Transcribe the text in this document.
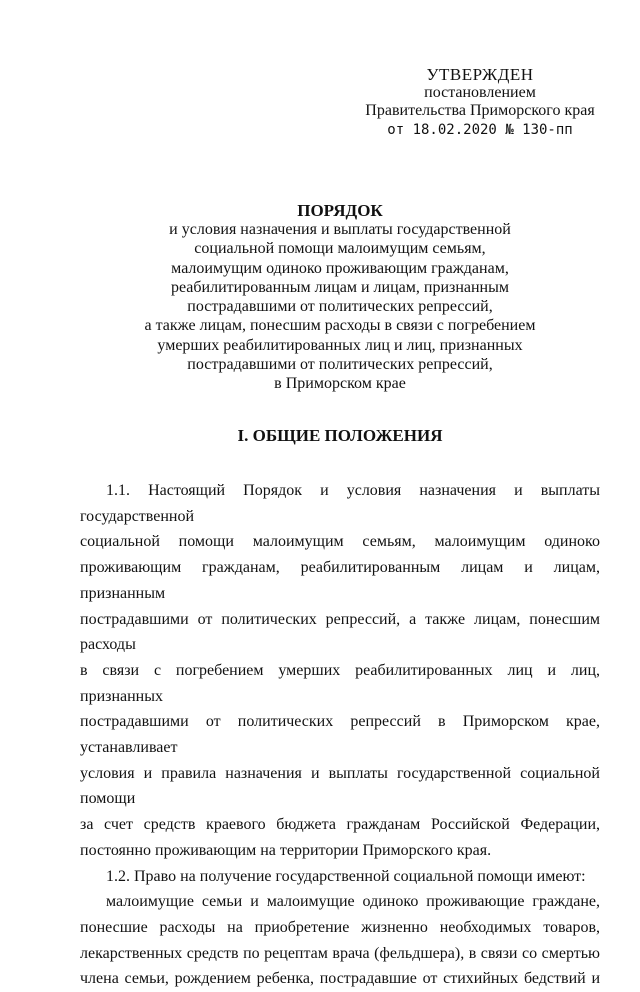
УТВЕРЖДЕН
постановлением
Правительства Приморского края
от 18.02.2020 № 130-пп
ПОРЯДОК
и условия назначения и выплаты государственной
социальной помощи малоимущим семьям,
малоимущим одиноко проживающим гражданам,
реабилитированным лицам и лицам, признанным
пострадавшими от политических репрессий,
а также лицам, понесшим расходы в связи с погребением
умерших реабилитированных лиц и лиц, признанных
пострадавшими от политических репрессий,
в Приморском крае
I. ОБЩИЕ ПОЛОЖЕНИЯ

1.1. Настоящий Порядок и условия назначения и выплаты государственной
социальной помощи малоимущим семьям, малоимущим одиноко
проживающим гражданам, реабилитированным лицам и лицам, признанным
пострадавшими от политических репрессий, а также лицам, понесшим расходы
в связи с погребением умерших реабилитированных лиц и лиц, признанных
пострадавшими от политических репрессий в Приморском крае, устанавливает
условия и правила назначения и выплаты государственной социальной помощи
за счет средств краевого бюджета гражданам Российской Федерации,
постоянно проживающим на территории Приморского края.

1.2. Право на получение государственной социальной помощи имеют:

малоимущие семьи и малоимущие одиноко проживающие граждане,
понесшие расходы на приобретение жизненно необходимых товаров,
лекарственных средств по рецептам врача (фельдшера), в связи со смертью
члена семьи, рождением ребенка, пострадавшие от стихийных бедствий и
